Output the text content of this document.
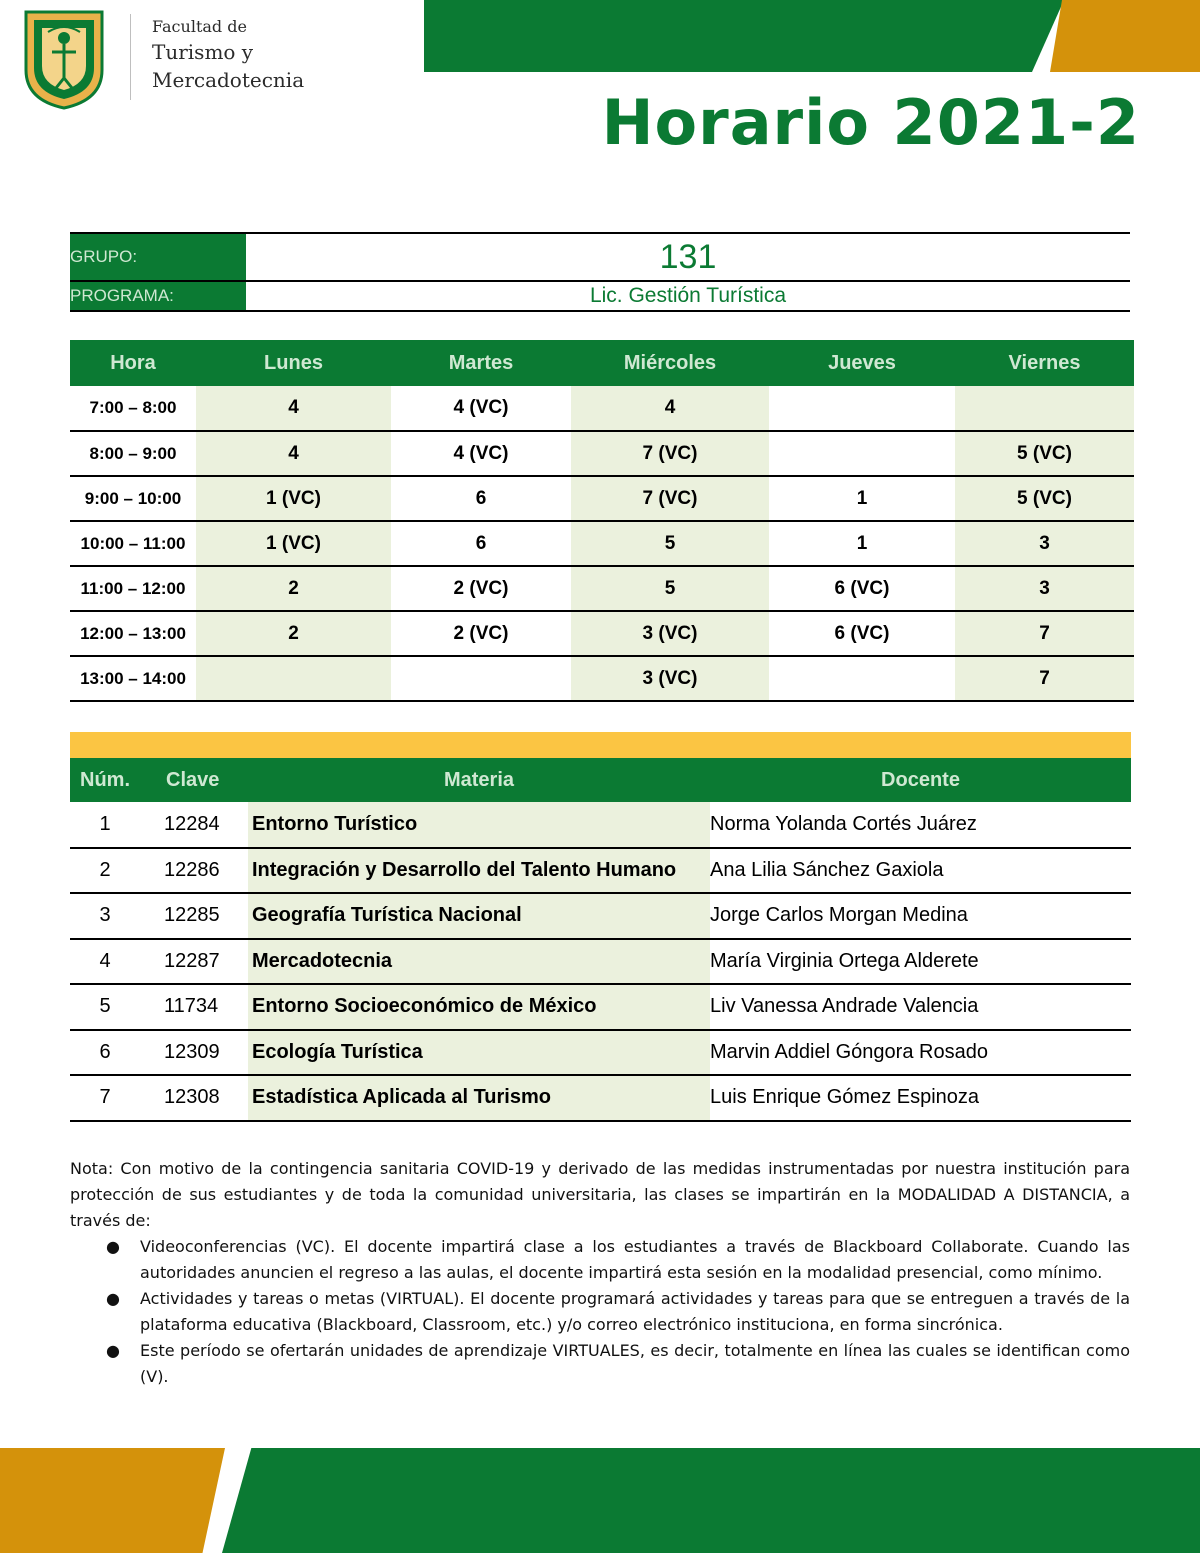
Facultad de
Turismo y
Mercadotecnia
Horario 2021-2
GRUPO:	131
PROGRAMA:	Lic. Gestión Turística
Hora	Lunes	Martes	Miércoles	Jueves	Viernes
7:00 – 8:00	4	4 (VC)	4		
8:00 – 9:00	4	4 (VC)	7 (VC)		5 (VC)
9:00 – 10:00	1 (VC)	6	7 (VC)	1	5 (VC)
10:00 – 11:00	1 (VC)	6	5	1	3
11:00 – 12:00	2	2 (VC)	5	6 (VC)	3
12:00 – 13:00	2	2 (VC)	3 (VC)	6 (VC)	7
13:00 – 14:00			3 (VC)		7
Núm.	Clave	Materia	Docente
1	12284	Entorno Turístico	Norma Yolanda Cortés Juárez
2	12286	Integración y Desarrollo del Talento Humano	Ana Lilia Sánchez Gaxiola
3	12285	Geografía Turística Nacional	Jorge Carlos Morgan Medina
4	12287	Mercadotecnia	María Virginia Ortega Alderete
5	11734	Entorno Socioeconómico de México	Liv Vanessa Andrade Valencia
6	12309	Ecología Turística	Marvin Addiel Góngora Rosado
7	12308	Estadística Aplicada al Turismo	Luis Enrique Gómez Espinoza

Nota: Con motivo de la contingencia sanitaria COVID-19 y derivado de las medidas instrumentadas por nuestra institución para protección de sus estudiantes y de toda la comunidad universitaria, las clases se impartirán en la MODALIDAD A DISTANCIA, a través de:

● Videoconferencias (VC). El docente impartirá clase a los estudiantes a través de Blackboard Collaborate. Cuando las autoridades anuncien el regreso a las aulas, el docente impartirá esta sesión en la modalidad presencial, como mínimo.
● Actividades y tareas o metas (VIRTUAL). El docente programará actividades y tareas para que se entreguen a través de la plataforma educativa (Blackboard, Classroom, etc.) y/o correo electrónico instituciona, en forma sincrónica.
● Este período se ofertarán unidades de aprendizaje VIRTUALES, es decir, totalmente en línea las cuales se identifican como (V).
